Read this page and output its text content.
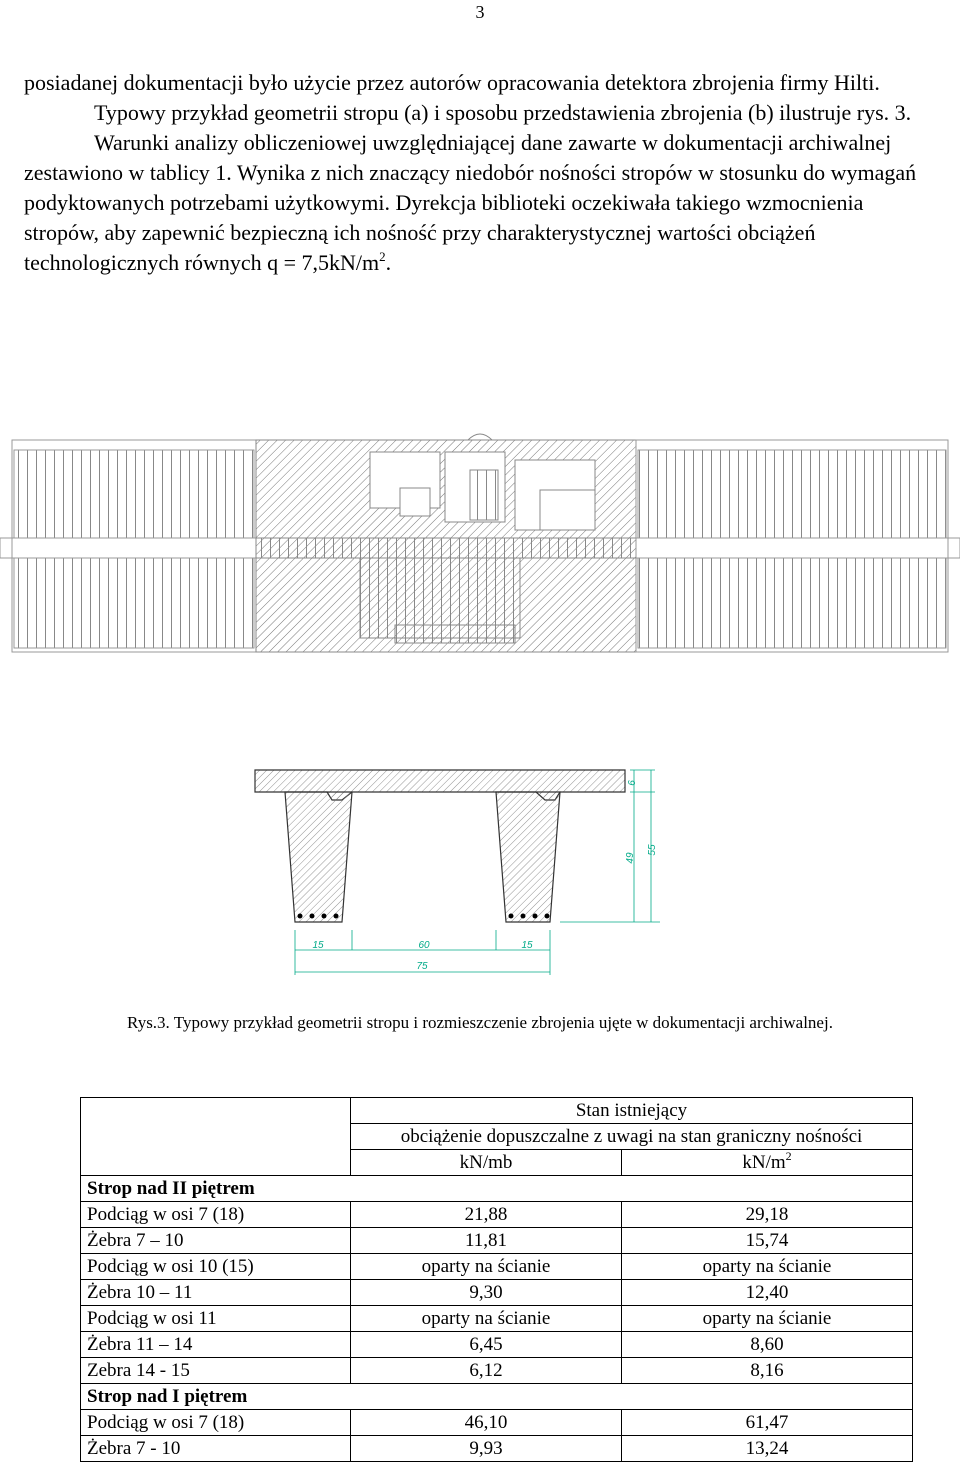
3

posiadanej dokumentacji było użycie przez autorów opracowania detektora zbrojenia firmy Hilti.

Typowy przykład geometrii stropu (a) i sposobu przedstawienia zbrojenia (b) ilustruje rys. 3.

Warunki analizy obliczeniowej uwzględniającej dane zawarte w dokumentacji archiwalnej zestawiono w tablicy 1. Wynika z nich znaczący niedobór nośności stropów w stosunku do wymagań podyktowanych potrzebami użytkowymi. Dyrekcja biblioteki oczekiwała takiego wzmocnienia stropów, aby zapewnić bezpieczną ich nośność przy charakterystycznej wartości obciążeń technologicznych równych $q = 7,5kN/m^2$.

6
49
55
15	60	15
75
Rys.3. Typowy przykład geometrii stropu i rozmieszczenie zbrojenia ujęte w dokumentacji archiwalnej.
	Stan istniejący	
	obciążenie dopuszczalne z uwagi na stan graniczny nośności	
	kN/mb	$kN/m^2$
Strop nad II piętrem		
Podciąg w osi 7 (18)	21,88	29,18
Żebra 7 – 10	11,81	15,74
Podciąg w osi 10 (15)	oparty na ścianie	oparty na ścianie
Żebra 10 – 11	9,30	12,40
Podciąg w osi 11	oparty na ścianie	oparty na ścianie
Żebra 11 – 14	6,45	8,60
Zebra 14 - 15	6,12	8,16
Strop nad I piętrem		
Podciąg w osi 7 (18)	46,10	61,47
Żebra 7 - 10	9,93	13,24
